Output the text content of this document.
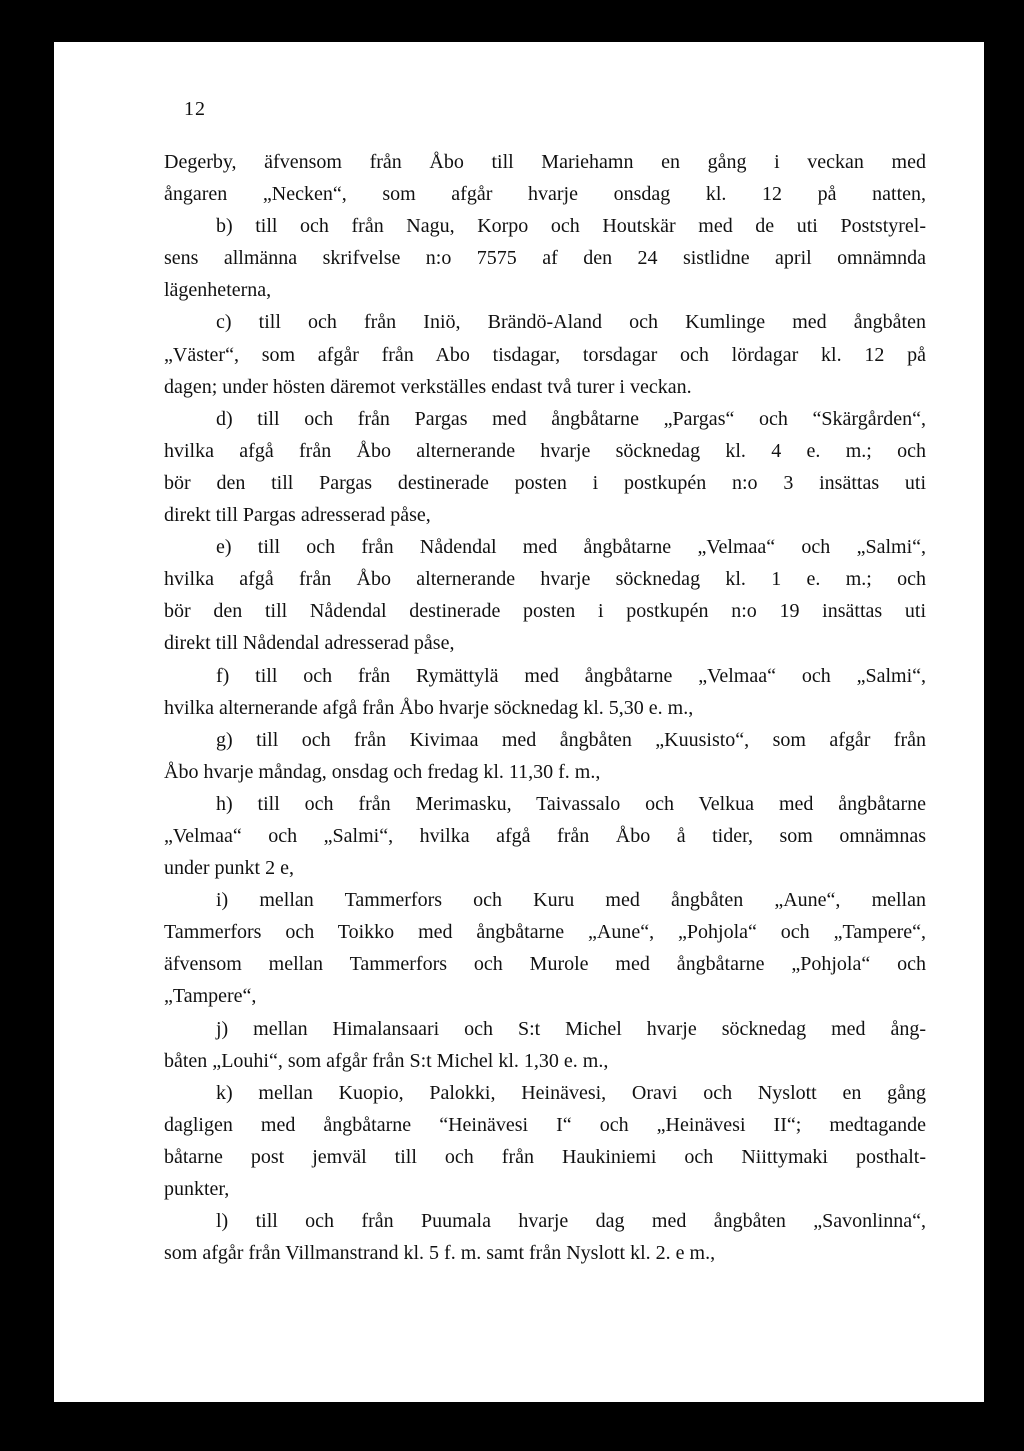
12
Degerby, äfvensom från Åbo till Mariehamn en gång i veckan med
ångaren „Necken“, som afgår hvarje onsdag kl. 12 på natten,
b) till och från Nagu, Korpo och Houtskär med de uti Poststyrel-
sens allmänna skrifvelse n:o 7575 af den 24 sistlidne april omnämnda
lägenheterna,
c) till och från Iniö, Brändö-Aland och Kumlinge med ångbåten
„Väster“, som afgår från Abo tisdagar, torsdagar och lördagar kl. 12 på
dagen; under hösten däremot verkställes endast två turer i veckan.
d) till och från Pargas med ångbåtarne „Pargas“ och “Skärgården“,
hvilka afgå från Åbo alternerande hvarje söcknedag kl. 4 e. m.; och
bör den till Pargas destinerade posten i postkupén n:o 3 insättas uti
direkt till Pargas adresserad påse,
e) till och från Nådendal med ångbåtarne „Velmaa“ och „Salmi“,
hvilka afgå från Åbo alternerande hvarje söcknedag kl. 1 e. m.; och
bör den till Nådendal destinerade posten i postkupén n:o 19 insättas uti
direkt till Nådendal adresserad påse,
f) till och från Rymättylä med ångbåtarne „Velmaa“ och „Salmi“,
hvilka alternerande afgå från Åbo hvarje söcknedag kl. 5,30 e. m.,
g) till och från Kivimaa med ångbåten „Kuusisto“, som afgår från
Åbo hvarje måndag, onsdag och fredag kl. 11,30 f. m.,
h) till och från Merimasku, Taivassalo och Velkua med ångbåtarne
„Velmaa“ och „Salmi“, hvilka afgå från Åbo å tider, som omnämnas
under punkt 2 e,
i) mellan Tammerfors och Kuru med ångbåten „Aune“, mellan
Tammerfors och Toikko med ångbåtarne „Aune“, „Pohjola“ och „Tampere“,
äfvensom mellan Tammerfors och Murole med ångbåtarne „Pohjola“ och
„Tampere“,
j) mellan Himalansaari och S:t Michel hvarje söcknedag med ång-
båten „Louhi“, som afgår från S:t Michel kl. 1,30 e. m.,
k) mellan Kuopio, Palokki, Heinävesi, Oravi och Nyslott en gång
dagligen med ångbåtarne “Heinävesi I“ och „Heinävesi II“; medtagande
båtarne post jemväl till och från Haukiniemi och Niittymaki posthalt-
punkter,
l) till och från Puumala hvarje dag med ångbåten „Savonlinna“,
som afgår från Villmanstrand kl. 5 f. m. samt från Nyslott kl. 2. e m.,
